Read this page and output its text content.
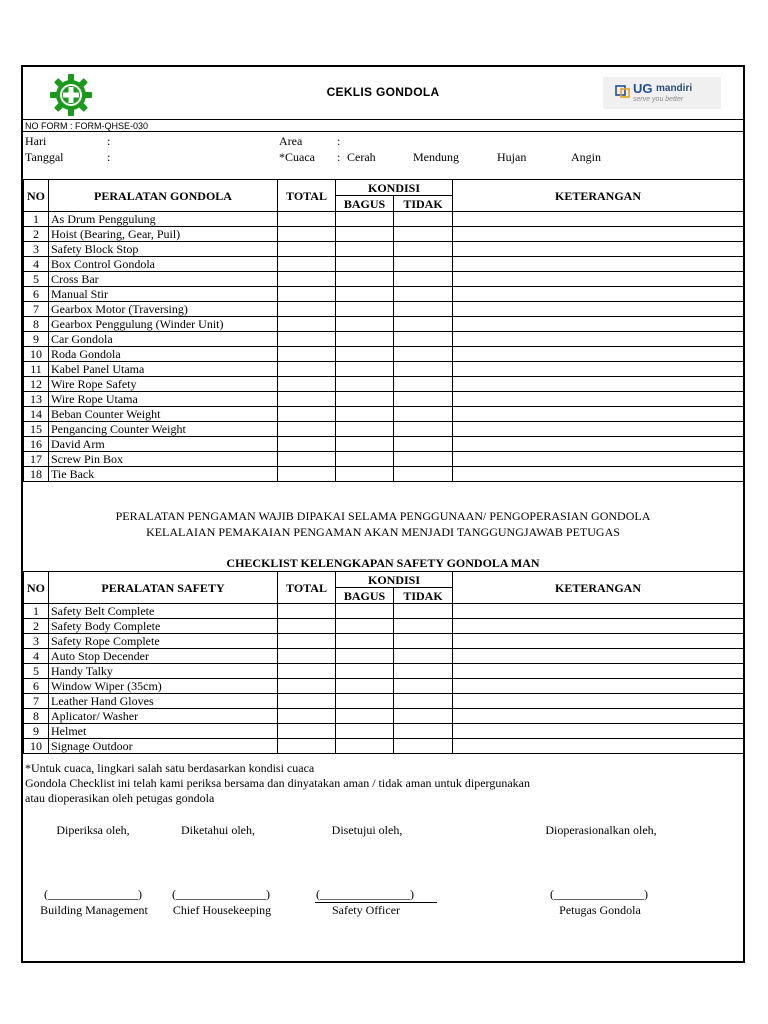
CEKLIS GONDOLA	UG mandiri
serve you better
NO FORM : FORM-QHSE-030
Hari	:
Tanggal	:
Area	:
*Cuaca : Cerah	Mendung	Hujan	Angin
NO	PERALATAN GONDOLA	TOTAL	KONDISI		KETERANGAN
			BAGUS	TIDAK	
1	As Drum Penggulung				
2	Hoist (Bearing, Gear, Puil)				
3	Safety Block Stop				
4	Box Control Gondola				
5	Cross Bar				
6	Manual Stir				
7	Gearbox Motor (Traversing)				
8	Gearbox Penggulung (Winder Unit)				
9	Car Gondola				
10	Roda Gondola				
11	Kabel Panel Utama				
12	Wire Rope Safety				
13	Wire Rope Utama				
14	Beban Counter Weight				
15	Pengancing Counter Weight				
16	David Arm				
17	Screw Pin Box				
18	Tie Back				
PERALATAN PENGAMAN WAJIB DIPAKAI SELAMA PENGGUNAAN/ PENGOPERASIAN GONDOLA
KELALAIAN PEMAKAIAN PENGAMAN AKAN MENJADI TANGGUNGJAWAB PETUGAS
CHECKLIST KELENGKAPAN SAFETY GONDOLA MAN
NO	PERALATAN SAFETY	TOTAL	KONDISI		KETERANGAN
			BAGUS	TIDAK	
1	Safety Belt Complete				
2	Safety Body Complete				
3	Safety Rope Complete				
4	Auto Stop Decender				
5	Handy Talky				
6	Window Wiper (35cm)				
7	Leather Hand Gloves				
8	Aplicator/ Washer				
9	Helmet				
10	Signage Outdoor				
*Untuk cuaca, lingkari salah satu berdasarkan kondisi cuaca
Gondola Checklist ini telah kami periksa bersama dan dinyatakan aman / tidak aman untuk dipergunakan
atau dioperasikan oleh petugas gondola
Diperiksa oleh,	Diketahui oleh,	Disetujui oleh,	Dioperasionalkan oleh,
(_______________)	(_______________)	(_______________)	(_______________)
Building Management	Chief Housekeeping	Safety Officer	Petugas Gondola
